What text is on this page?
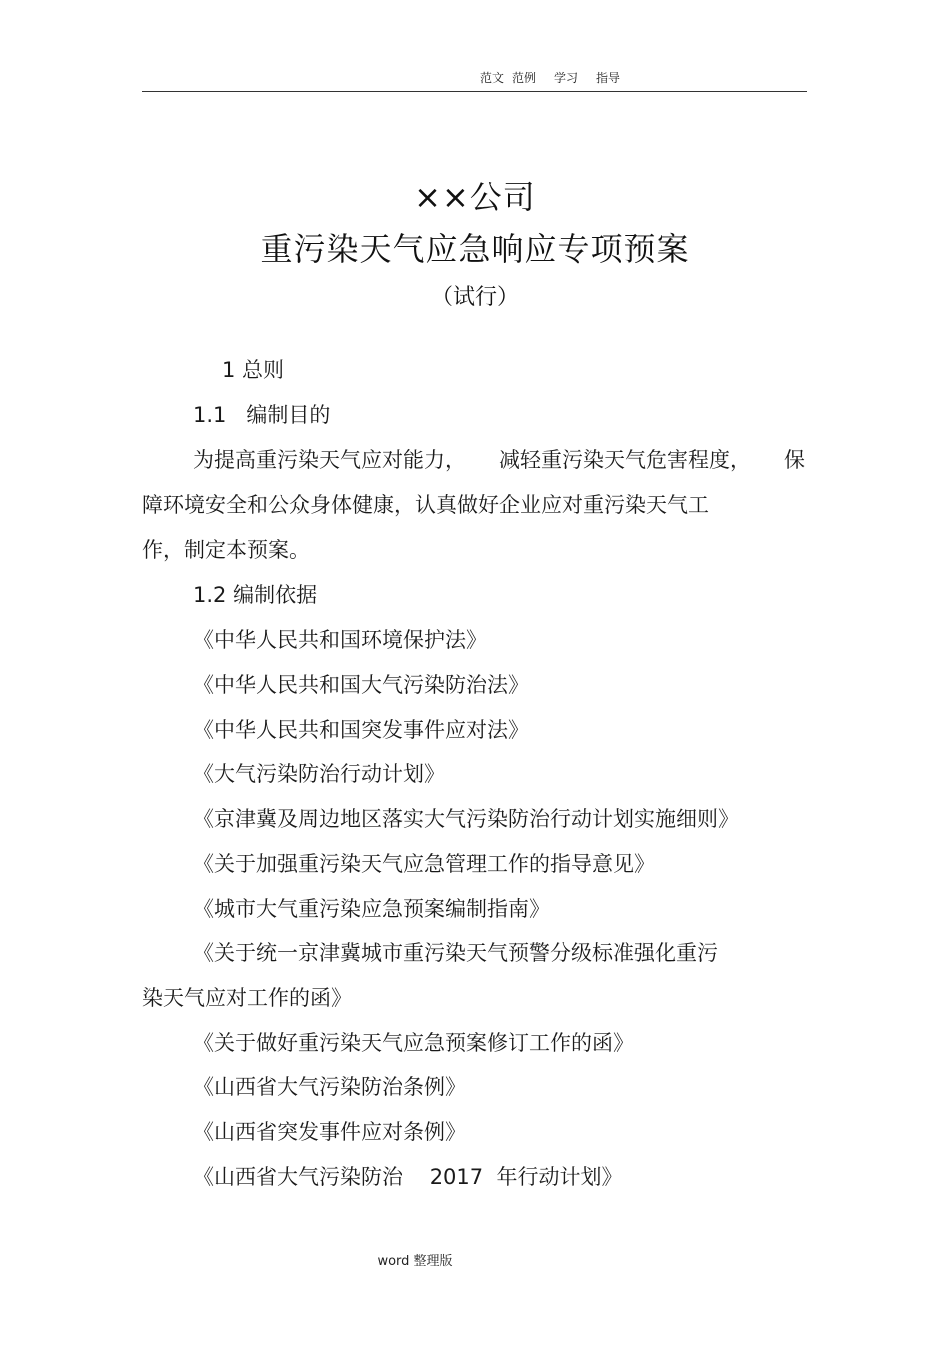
范文 范例 学习 指导
××公司
重污染天气应急响应专项预案
（试行）
1 总则
1.1   编制目的
为提高重污染天气应对能力， 减轻重污染天气危害程度， 保
障环境安全和公众身体健康，认真做好企业应对重污染天气工
作，制定本预案。
1.2 编制依据
《中华人民共和国环境保护法》
《中华人民共和国大气污染防治法》
《中华人民共和国突发事件应对法》
《大气污染防治行动计划》
《京津冀及周边地区落实大气污染防治行动计划实施细则》
《关于加强重污染天气应急管理工作的指导意见》
《城市大气重污染应急预案编制指南》
《关于统一京津冀城市重污染天气预警分级标准强化重污
染天气应对工作的函》
《关于做好重污染天气应急预案修订工作的函》
《山西省大气污染防治条例》
《山西省突发事件应对条例》
《山西省大气污染防治    2017  年行动计划》
word 整理版
